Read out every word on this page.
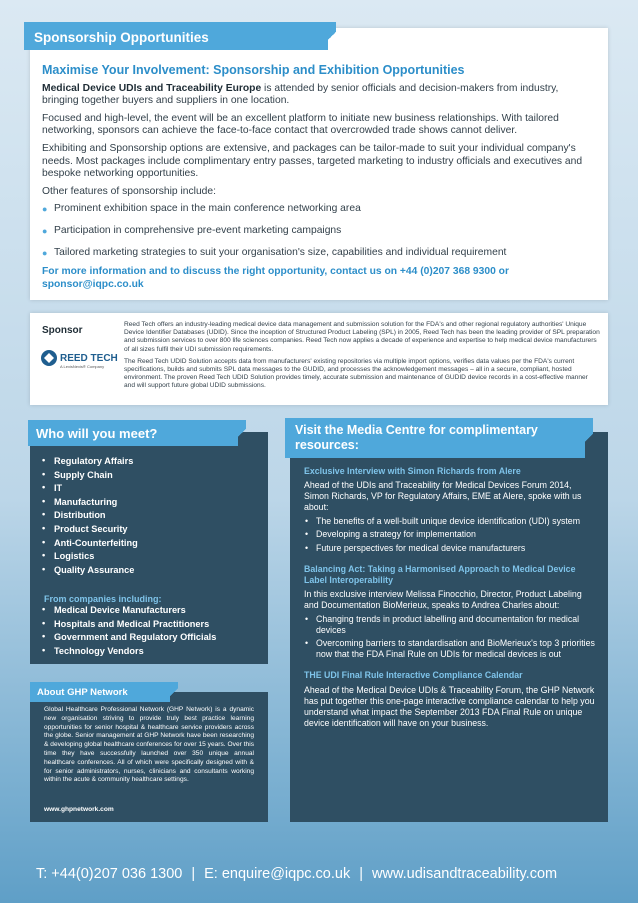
Sponsorship Opportunities
Maximise Your Involvement: Sponsorship and Exhibition Opportunities

Medical Device UDIs and Traceability Europe is attended by senior officials and decision-makers from industry, bringing together buyers and suppliers in one location.

Focused and high-level, the event will be an excellent platform to initiate new business relationships. With tailored networking, sponsors can achieve the face-to-face contact that overcrowded trade shows cannot deliver.

Exhibiting and Sponsorship options are extensive, and packages can be tailor-made to suit your individual company's needs. Most packages include complimentary entry passes, targeted marketing to industry officials and executives and bespoke networking opportunities.

Other features of sponsorship include:

● Prominent exhibition space in the main conference networking area
● Participation in comprehensive pre-event marketing campaigns
● Tailored marketing strategies to suit your organisation's size, capabilities and individual requirement

For more information and to discuss the right opportunity, contact us on +44 (0)207 368 9300 or sponsor@iqpc.co.uk

Sponsor
REED TECH
A LexisNexis® Company

Reed Tech offers an industry-leading medical device data management and submission solution for the FDA's and other regional regulatory authorities' Unique Device Identifier Databases (UDID). Since the inception of Structured Product Labeling (SPL) in 2005, Reed Tech has been the leading provider of SPL preparation and submission services to over 800 life sciences companies. Reed Tech now applies a decade of experience and expertise to help medical device manufacturers of all sizes fulfil their UDI submission requirements.

The Reed Tech UDID Solution accepts data from manufacturers' existing repositories via multiple import options, verifies data values per the FDA's current specifications, builds and submits SPL data messages to the GUDID, and processes the acknowledgement messages – all in a secure, compliant, hosted environment. The proven Reed Tech UDID Solution provides timely, accurate submission and maintenance of GUDID device records in a cost-effective manner and will support future global UDID submissions.

Who will you meet?
• Regulatory Affairs
• Supply Chain
• IT
• Manufacturing
• Distribution
• Product Security
• Anti-Counterfeiting
• Logistics
• Quality Assurance
From companies including:
• Medical Device Manufacturers
• Hospitals and Medical Practitioners
• Government and Regulatory Officials
• Technology Vendors
About GHP Network
Global Healthcare Professional Network (GHP Network) is a dynamic new organisation striving to provide truly best practice learning opportunities for senior hospital & healthcare service providers across the globe. Senior management at GHP Network have been researching & developing global healthcare conferences for over 15 years. Over this time they have successfully launched over 350 unique annual healthcare conferences. All of which were specifically designed with & for senior administrators, nurses, clinicians and consultants working within the acute & community healthcare settings.
www.ghpnetwork.com
Visit the Media Centre for complimentary resources:
Exclusive Interview with Simon Richards from Alere

Ahead of the UDIs and Traceability for Medical Devices Forum 2014, Simon Richards, VP for Regulatory Affairs, EME at Alere, spoke with us about:

• The benefits of a well-built unique device identification (UDI) system
• Developing a strategy for implementation
• Future perspectives for medical device manufacturers
Balancing Act: Taking a Harmonised Approach to Medical Device Label Interoperability

In this exclusive interview Melissa Finocchio, Director, Product Labeling and Documentation BioMerieux, speaks to Andrea Charles about:

• Changing trends in product labelling and documentation for medical devices
• Overcoming barriers to standardisation and BioMerieux's top 3 priorities now that the FDA Final Rule on UDIs for medical devices is out
THE UDI Final Rule Interactive Compliance Calendar

Ahead of the Medical Device UDIs & Traceability Forum, the GHP Network has put together this one-page interactive compliance calendar to help you understand what impact the September 2013 FDA Final Rule on unique device identification will have on your business.

T: +44(0)207 036 1300 | E: enquire@iqpc.co.uk | www.udisandtraceability.com
